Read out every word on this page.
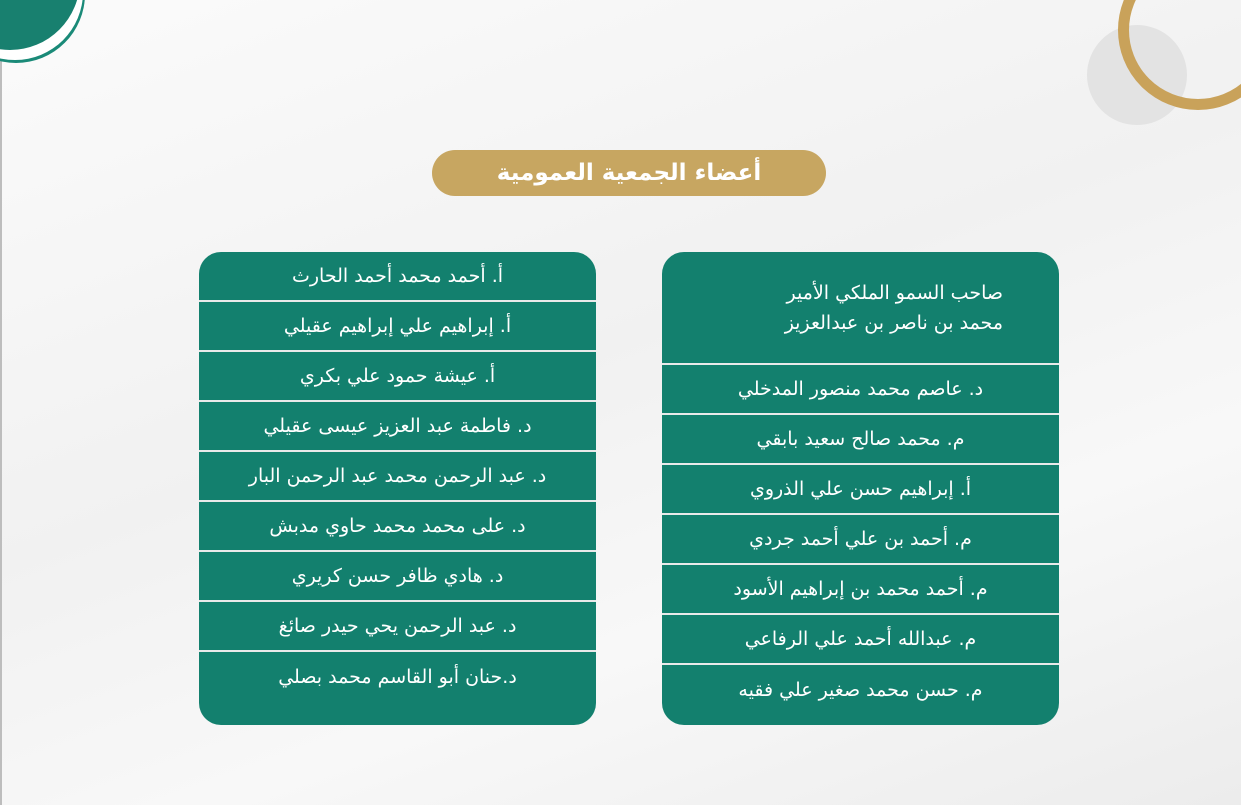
أعضاء الجمعية العمومية
صاحب السمو الملكي الأمير
محمد بن ناصر بن عبدالعزيز
د. عاصم محمد منصور المدخلي
م. محمد صالح سعيد بابقي
أ. إبراهيم حسن علي الذروي
م. أحمد بن علي أحمد جردي
م. أحمد محمد بن إبراهيم الأسود
م. عبدالله أحمد علي الرفاعي
م. حسن محمد صغير علي فقيه
أ. أحمد محمد أحمد الحارث
أ. إبراهيم علي إبراهيم عقيلي
أ. عيشة حمود علي بكري
د. فاطمة عبد العزيز عيسى عقيلي
د. عبد الرحمن محمد عبد الرحمن البار
د. على محمد محمد حاوي مدبش
د. هادي ظافر حسن كريري
د. عبد الرحمن يحي حيدر صائغ
د.حنان أبو القاسم محمد بصلي
